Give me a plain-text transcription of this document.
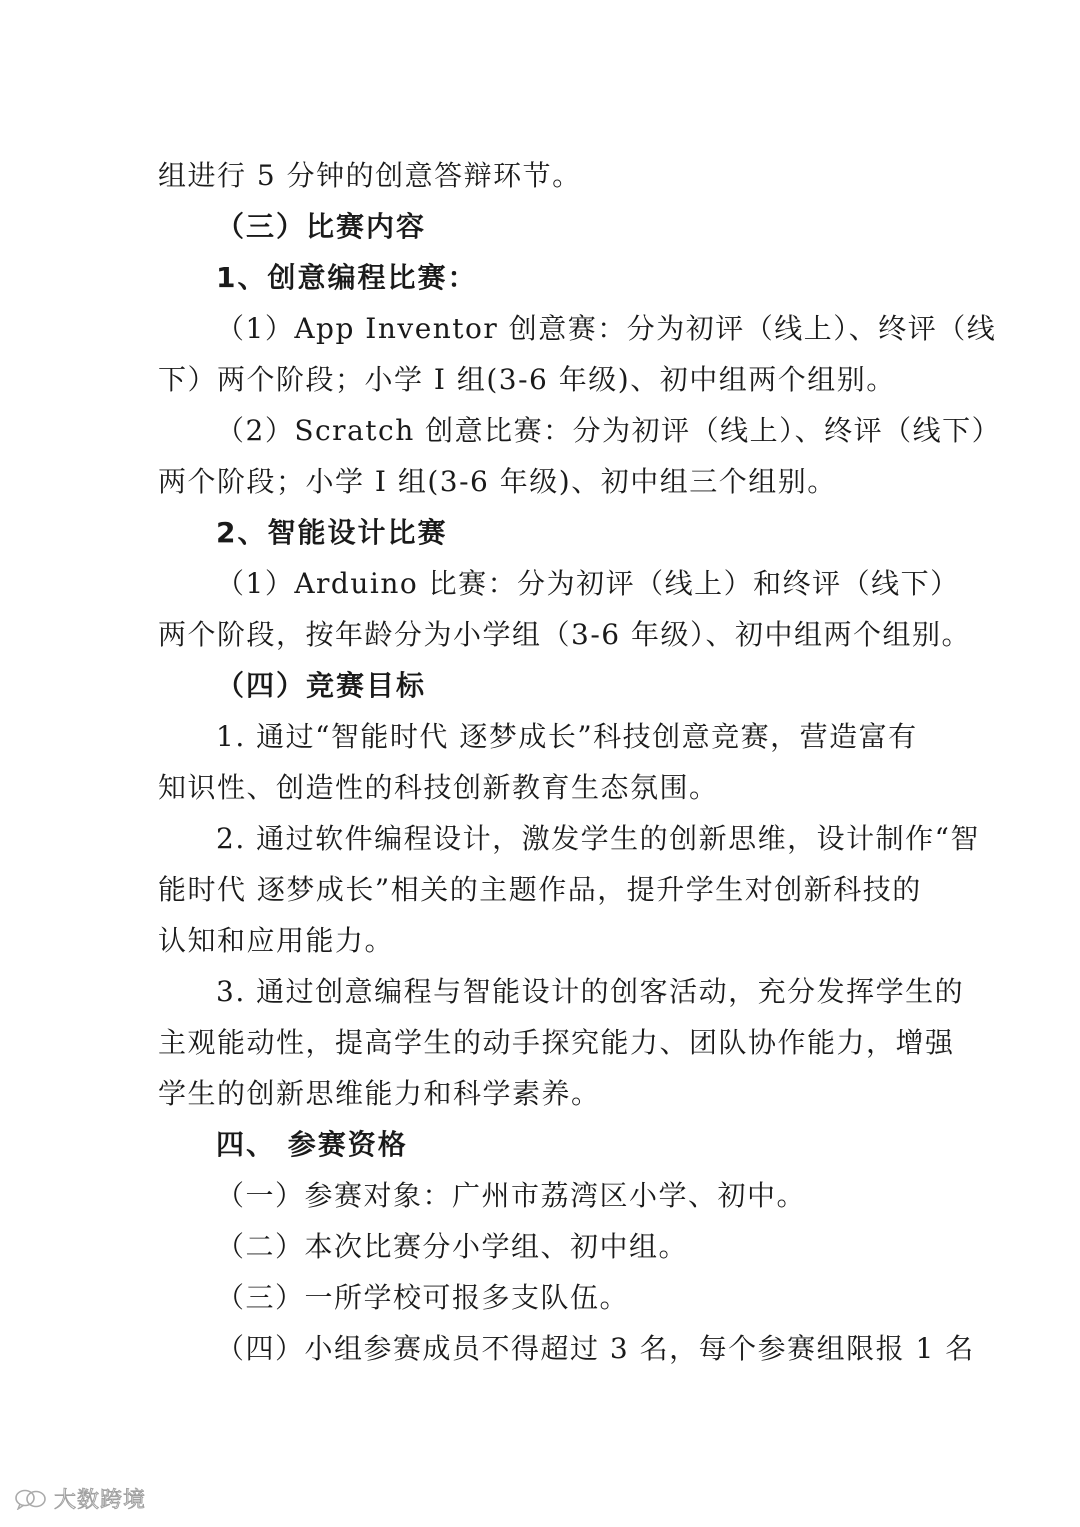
组进行 5 分钟的创意答辩环节。
（三）比赛内容
1、创意编程比赛：
（1）App Inventor 创意赛：分为初评（线上）、终评（线
下）两个阶段；小学 I 组(3-6 年级)、初中组两个组别。
（2）Scratch 创意比赛：分为初评（线上）、终评（线下）
两个阶段；小学 I 组(3-6 年级)、初中组三个组别。
2、智能设计比赛
（1）Arduino 比赛：分为初评（线上）和终评（线下）
两个阶段，按年龄分为小学组（3-6 年级）、初中组两个组别。
（四）竞赛目标
1. 通过“智能时代 逐梦成长”科技创意竞赛，营造富有
知识性、创造性的科技创新教育生态氛围。
2. 通过软件编程设计，激发学生的创新思维，设计制作“智
能时代 逐梦成长”相关的主题作品，提升学生对创新科技的
认知和应用能力。
3. 通过创意编程与智能设计的创客活动，充分发挥学生的
主观能动性，提高学生的动手探究能力、团队协作能力，增强
学生的创新思维能力和科学素养。
四、 参赛资格
（一）参赛对象：广州市荔湾区小学、初中。
（二）本次比赛分小学组、初中组。
（三）一所学校可报多支队伍。
（四）小组参赛成员不得超过 3 名，每个参赛组限报 1 名
大数跨境
